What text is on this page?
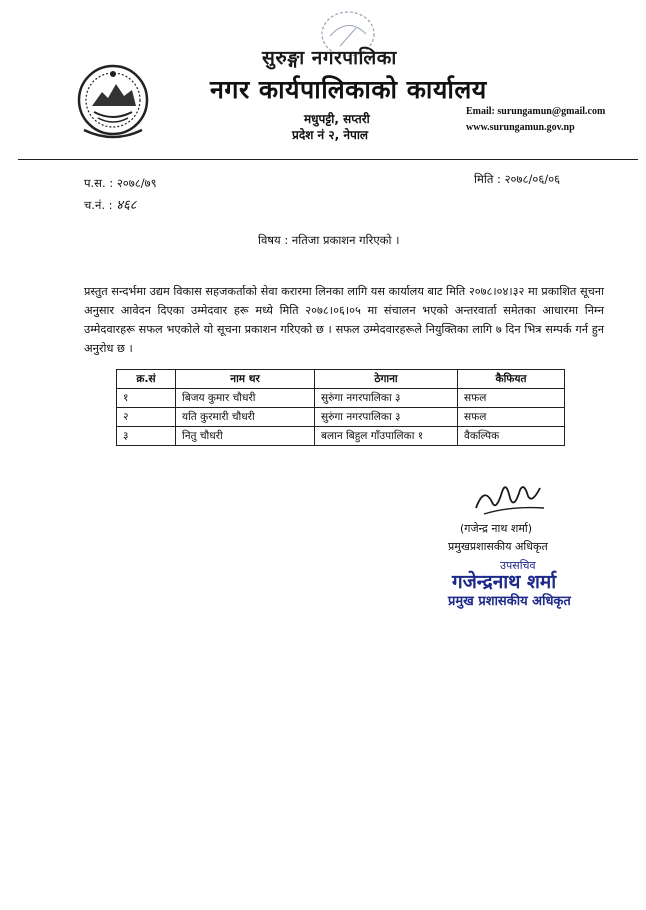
सुरुङ्गा नगरपालिका
नगर कार्यपालिकाको कार्यालय
मधुपट्टी, सप्तरी
प्रदेश नं २, नेपाल
Email: surungamun@gmail.com
www.surungamun.gov.np
प.स. : २०७८/७९
च.नं. : ४६८
मिति : २०७८/०६/०६
विषय : नतिजा प्रकाशन गरिएको ।
प्रस्तुत सन्दर्भमा उद्यम विकास सहजकर्ताको सेवा करारमा लिनका लागि यस कार्यालय बाट मिति २०७८।०४।३२ मा प्रकाशित सूचना अनुसार आवेदन दिएका उम्मेदवार हरू मध्ये मिति २०७८।०६।०५ मा संचालन भएको अन्तरवार्ता समेतका आधारमा निम्न उम्मेदवारहरू सफल भएकोले यो सूचना प्रकाशन गरिएको छ । सफल उम्मेदवारहरूले नियुक्तिका लागि ७ दिन भित्र सम्पर्क गर्न हुन अनुरोध छ ।
क्र.सं	नाम थर	ठेगाना	कैफियत
१	बिजय कुमार चौधरी	सुरुंगा नगरपालिका ३	सफल
२	यति कुरमारी चौधरी	सुरुंगा नगरपालिका ३	सफल
३	नितु चौधरी	बलान बिहुल गाँउपालिका १	वैकल्पिक
(गजेन्द्र नाथ शर्मा)
प्रमुखप्रशासकीय अधिकृत
उपसचिव
गजेन्द्रनाथ शर्मा
प्रमुख प्रशासकीय अधिकृत
